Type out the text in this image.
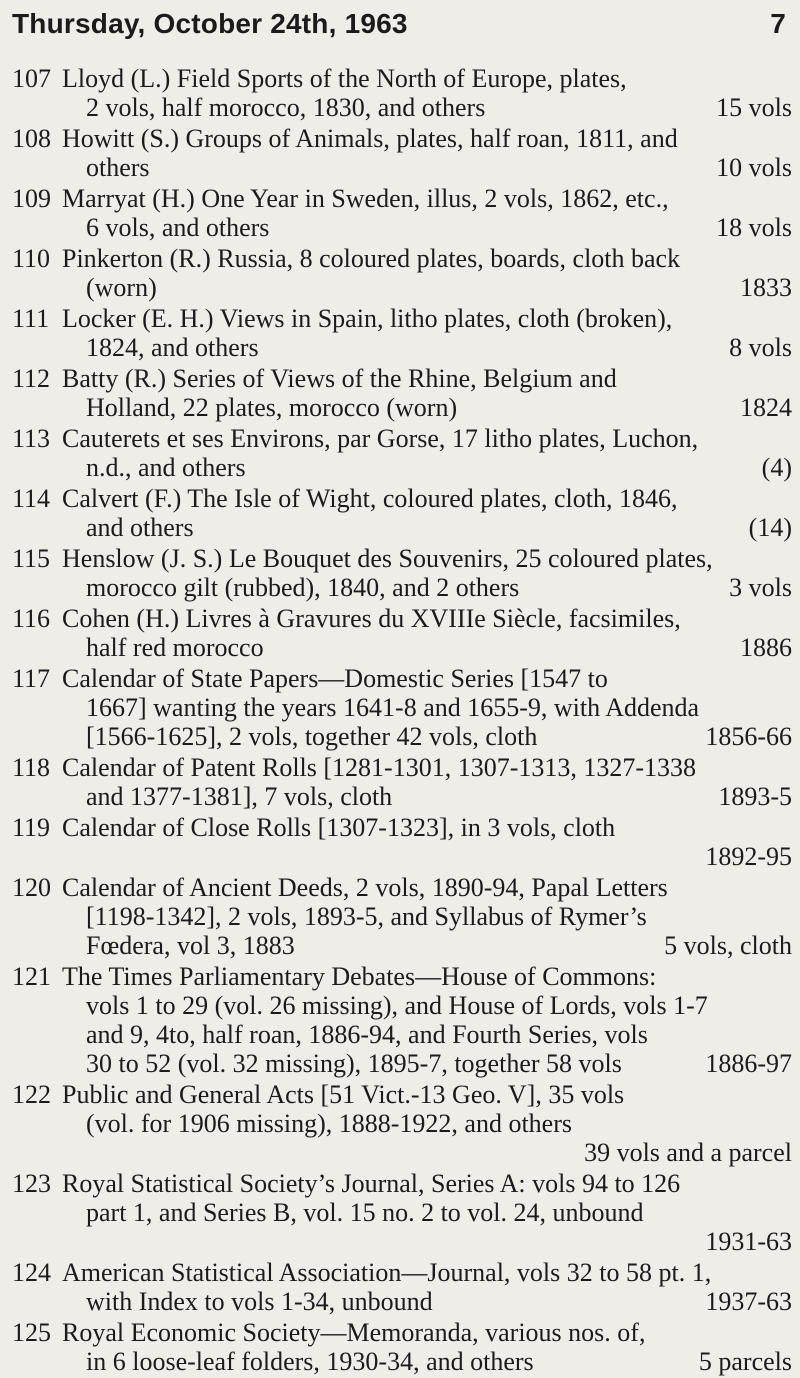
Thursday, October 24th, 1963	7
107 Lloyd (L.) Field Sports of the North of Europe, plates,
2 vols, half morocco, 1830, and others	15 vols
108 Howitt (S.) Groups of Animals, plates, half roan, 1811, and
others	10 vols
109 Marryat (H.) One Year in Sweden, illus, 2 vols, 1862, etc.,
6 vols, and others	18 vols
110 Pinkerton (R.) Russia, 8 coloured plates, boards, cloth back
(worn)	1833
111 Locker (E. H.) Views in Spain, litho plates, cloth (broken),
1824, and others	8 vols
112 Batty (R.) Series of Views of the Rhine, Belgium and
Holland, 22 plates, morocco (worn)	1824
113 Cauterets et ses Environs, par Gorse, 17 litho plates, Luchon,
n.d., and others	(4)
114 Calvert (F.) The Isle of Wight, coloured plates, cloth, 1846,
and others	(14)
115 Henslow (J. S.) Le Bouquet des Souvenirs, 25 coloured plates,
morocco gilt (rubbed), 1840, and 2 others	3 vols
116 Cohen (H.) Livres à Gravures du XVIIIe Siècle, facsimiles,
half red morocco	1886
117 Calendar of State Papers—Domestic Series [1547 to
1667] wanting the years 1641-8 and 1655-9, with Addenda
[1566-1625], 2 vols, together 42 vols, cloth	1856-66
118 Calendar of Patent Rolls [1281-1301, 1307-1313, 1327-1338
and 1377-1381], 7 vols, cloth	1893-5
119 Calendar of Close Rolls [1307-1323], in 3 vols, cloth
1892-95
120 Calendar of Ancient Deeds, 2 vols, 1890-94, Papal Letters
[1198-1342], 2 vols, 1893-5, and Syllabus of Rymer’s
Fœdera, vol 3, 1883	5 vols, cloth
121 The Times Parliamentary Debates—House of Commons:
vols 1 to 29 (vol. 26 missing), and House of Lords, vols 1-7
and 9, 4to, half roan, 1886-94, and Fourth Series, vols
30 to 52 (vol. 32 missing), 1895-7, together 58 vols	1886-97
122 Public and General Acts [51 Vict.-13 Geo. V], 35 vols
(vol. for 1906 missing), 1888-1922, and others
39 vols and a parcel
123 Royal Statistical Society’s Journal, Series A: vols 94 to 126
part 1, and Series B, vol. 15 no. 2 to vol. 24, unbound
1931-63
124 American Statistical Association—Journal, vols 32 to 58 pt. 1,
with Index to vols 1-34, unbound	1937-63
125 Royal Economic Society—Memoranda, various nos. of,
in 6 loose-leaf folders, 1930-34, and others	5 parcels
